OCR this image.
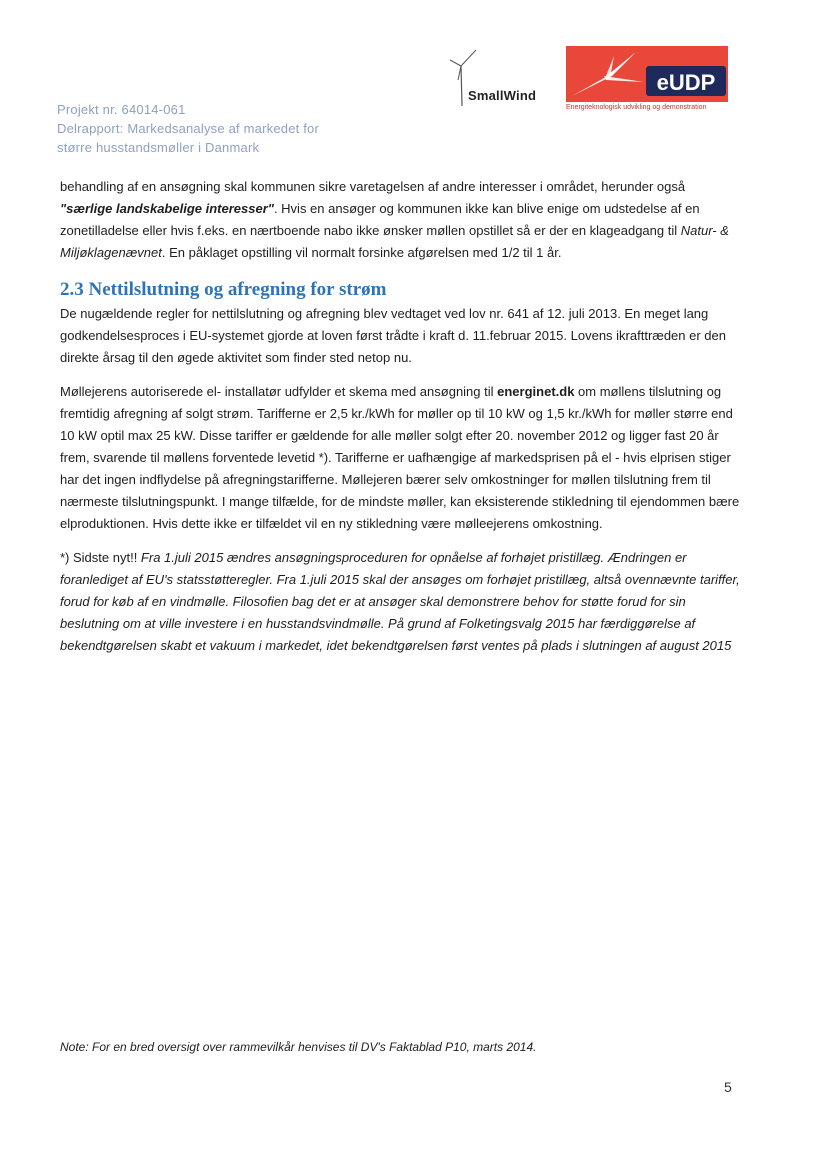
Projekt nr. 64014-061
Delrapport: Markedsanalyse af markedet for
større husstandsmøller i Danmark
SmallWind
eUDP
Energiteknologisk udvikling og demonstration

behandling af en ansøgning skal kommunen sikre varetagelsen af andre interesser i området, herunder også "særlige landskabelige interesser". Hvis en ansøger og kommunen ikke kan blive enige om udstedelse af en zonetilladelse eller hvis f.eks. en nærtboende nabo ikke ønsker møllen opstillet så er der en klageadgang til Natur- & Miljøklagenævnet. En påklaget opstilling vil normalt forsinke afgørelsen med 1/2 til 1 år.

2.3 Nettilslutning og afregning for strøm

De nugældende regler for nettilslutning og afregning blev vedtaget ved lov nr. 641 af 12. juli 2013. En meget lang godkendelsesproces i EU-systemet gjorde at loven først trådte i kraft d. 11.februar 2015. Lovens ikrafttræden er den direkte årsag til den øgede aktivitet som finder sted netop nu.

Møllejerens autoriserede el- installatør udfylder et skema med ansøgning til energinet.dk om møllens tilslutning og fremtidig afregning af solgt strøm. Tarifferne er 2,5 kr./kWh for møller op til 10 kW og 1,5 kr./kWh for møller større end 10 kW optil max 25 kW. Disse tariffer er gældende for alle møller solgt efter 20. november 2012 og ligger fast 20 år frem, svarende til møllens forventede levetid *). Tarifferne er uafhængige af markedsprisen på el - hvis elprisen stiger har det ingen indflydelse på afregningstarifferne. Møllejeren bærer selv omkostninger for møllen tilslutning frem til nærmeste tilslutningspunkt. I mange tilfælde, for de mindste møller, kan eksisterende stikledning til ejendommen bære elproduktionen. Hvis dette ikke er tilfældet vil en ny stikledning være mølleejerens omkostning.

*) Sidste nyt!! Fra 1.juli 2015 ændres ansøgningsproceduren for opnåelse af forhøjet pristillæg. Ændringen er foranlediget af EU's statsstøtteregler. Fra 1.juli 2015 skal der ansøges om forhøjet pristillæg, altså ovennævnte tariffer, forud for køb af en vindmølle. Filosofien bag det er at ansøger skal demonstrere behov for støtte forud for sin beslutning om at ville investere i en husstandsvindmølle. På grund af Folketingsvalg 2015 har færdiggørelse af bekendtgørelsen skabt et vakuum i markedet, idet bekendtgørelsen først ventes på plads i slutningen af august 2015

Note: For en bred oversigt over rammevilkår henvises til DV's Faktablad P10, marts 2014.
5
